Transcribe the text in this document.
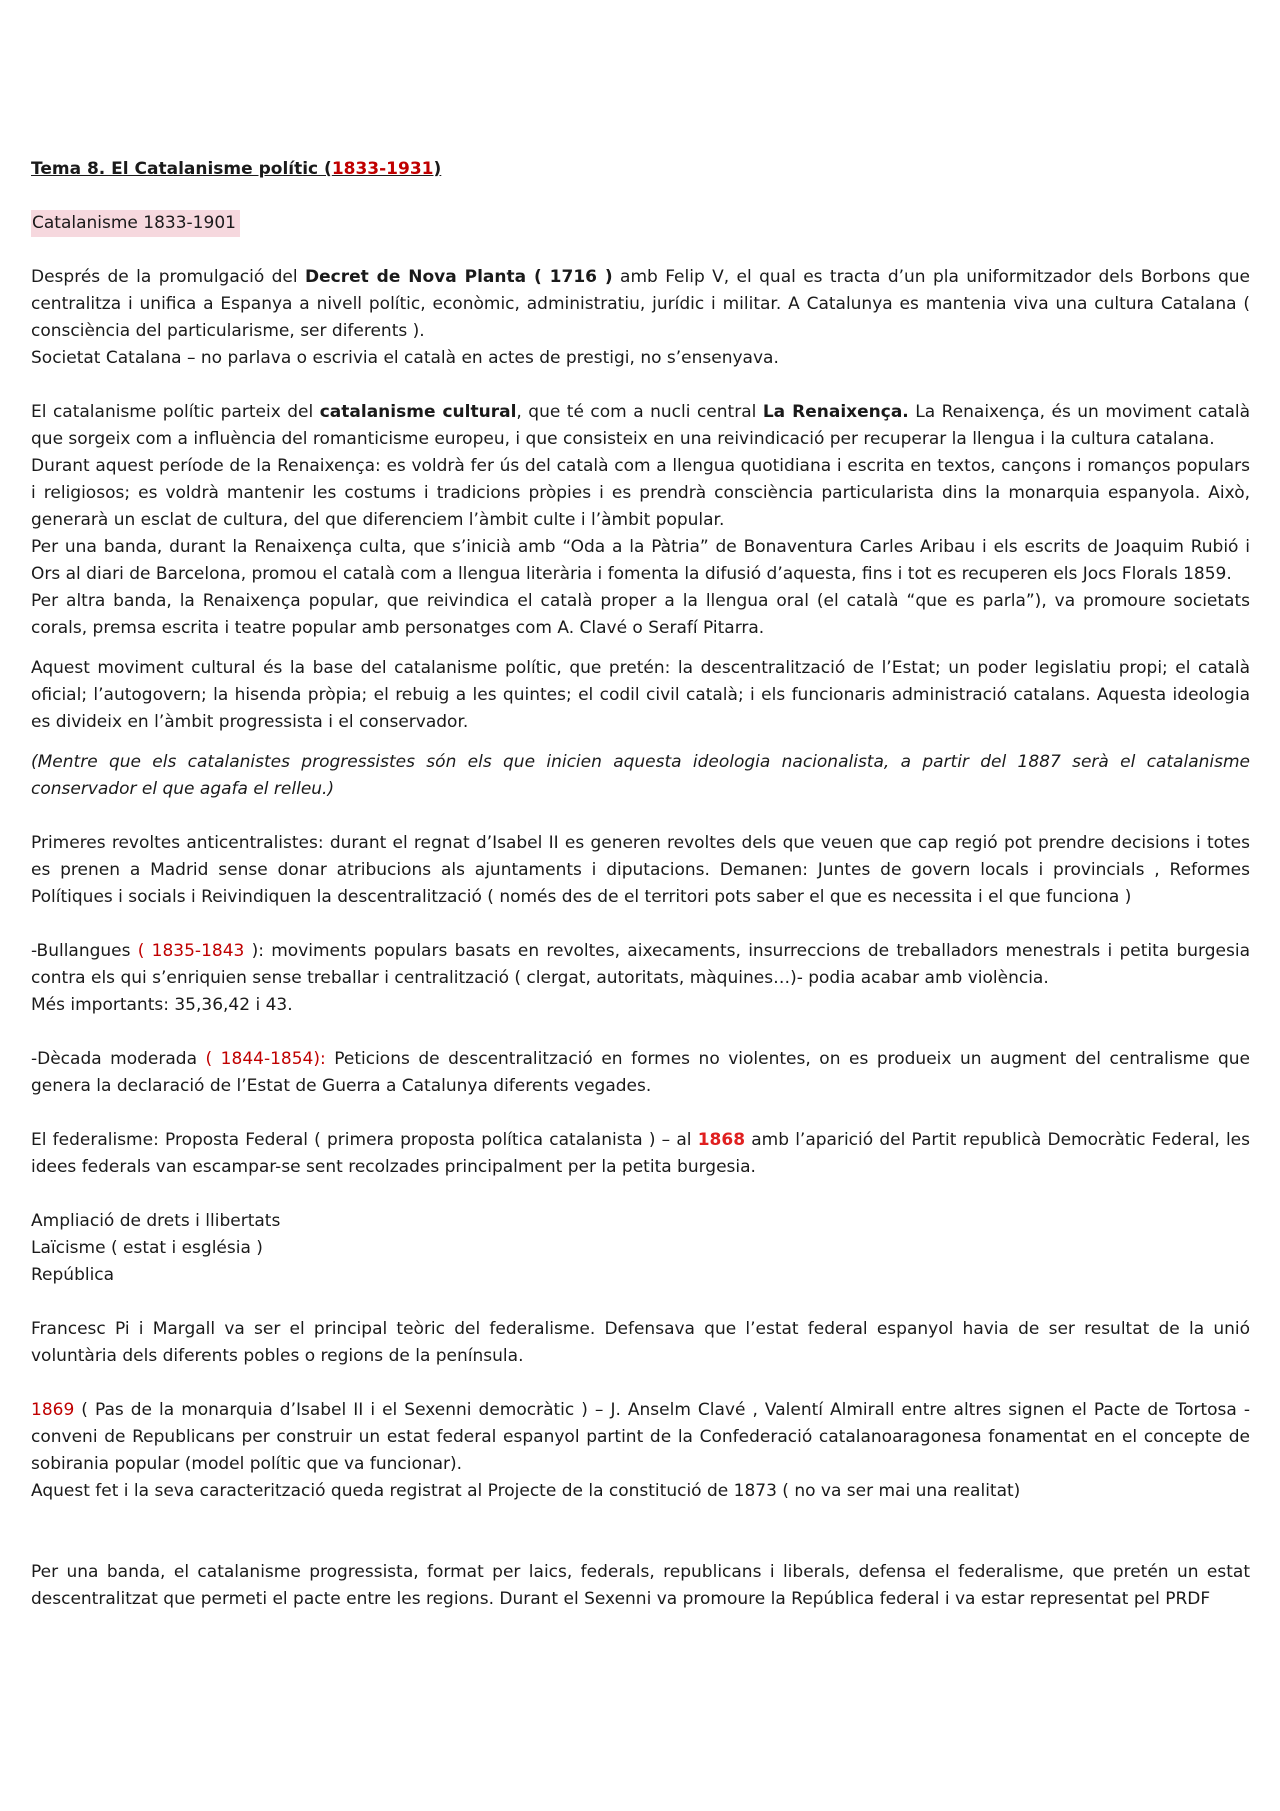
Tema 8. El Catalanisme polític (1833-1931)

Catalanisme 1833-1901

Després de la promulgació del Decret de Nova Planta ( 1716 ) amb Felip V, el qual es tracta d’un pla uniformitzador dels Borbons que centralitza i unifica a Espanya a nivell polític, econòmic, administratiu, jurídic i militar. A Catalunya es mantenia viva una cultura Catalana ( consciència del particularisme, ser diferents ).

Societat Catalana – no parlava o escrivia el català en actes de prestigi, no s’ensenyava.

El catalanisme polític parteix del catalanisme cultural, que té com a nucli central La Renaixença. La Renaixença, és un moviment català que sorgeix com a influència del romanticisme europeu, i que consisteix en una reivindicació per recuperar la llengua i la cultura catalana.

Durant aquest període de la Renaixença: es voldrà fer ús del català com a llengua quotidiana i escrita en textos, cançons i romanços populars i religiosos; es voldrà mantenir les costums i tradicions pròpies i es prendrà consciència particularista dins la monarquia espanyola. Això, generarà un esclat de cultura, del que diferenciem l’àmbit culte i l’àmbit popular.

Per una banda, durant la Renaixença culta, que s’inicià amb “Oda a la Pàtria” de Bonaventura Carles Aribau i els escrits de Joaquim Rubió i Ors al diari de Barcelona, promou el català com a llengua literària i fomenta la difusió d’aquesta, fins i tot es recuperen els Jocs Florals 1859.

Per altra banda, la Renaixença popular, que reivindica el català proper a la llengua oral (el català “que es parla”), va promoure societats corals, premsa escrita i teatre popular amb personatges com A. Clavé o Serafí Pitarra.

Aquest moviment cultural és la base del catalanisme polític, que pretén: la descentralització de l’Estat; un poder legislatiu propi; el català oficial; l’autogovern; la hisenda pròpia; el rebuig a les quintes; el codil civil català; i els funcionaris administració catalans. Aquesta ideologia es divideix en l’àmbit progressista i el conservador.

(Mentre que els catalanistes progressistes són els que inicien aquesta ideologia nacionalista, a partir del 1887 serà el catalanisme conservador el que agafa el relleu.)

Primeres revoltes anticentralistes: durant el regnat d’Isabel II es generen revoltes dels que veuen que cap regió pot prendre decisions i totes es prenen a Madrid sense donar atribucions als ajuntaments i diputacions. Demanen: Juntes de govern locals i provincials , Reformes Polítiques i socials i Reivindiquen la descentralització ( només des de el territori pots saber el que es necessita i el que funciona )

-Bullangues ( 1835-1843 ): moviments populars basats en revoltes, aixecaments, insurreccions de treballadors menestrals i petita burgesia contra els qui s’enriquien sense treballar i centralització ( clergat, autoritats, màquines…)- podia acabar amb violència.

Més importants: 35,36,42 i 43.

-Dècada moderada ( 1844-1854): Peticions de descentralització en formes no violentes, on es produeix un augment del centralisme que genera la declaració de l’Estat de Guerra a Catalunya diferents vegades.

El federalisme: Proposta Federal ( primera proposta política catalanista ) – al 1868 amb l’aparició del Partit republicà Democràtic Federal, les idees federals van escampar-se sent recolzades principalment per la petita burgesia.

Ampliació de drets i llibertats

Laïcisme ( estat i església )

República

Francesc Pi i Margall va ser el principal teòric del federalisme. Defensava que l’estat federal espanyol havia de ser resultat de la unió voluntària dels diferents pobles o regions de la península.

1869 ( Pas de la monarquia d’Isabel II i el Sexenni democràtic ) – J. Anselm Clavé , Valentí Almirall entre altres signen el Pacte de Tortosa - conveni de Republicans per construir un estat federal espanyol partint de la Confederació catalanoaragonesa fonamentat en el concepte de sobirania popular (model polític que va funcionar).

Aquest fet i la seva caracterització queda registrat al Projecte de la constitució de 1873 ( no va ser mai una realitat)

Per una banda, el catalanisme progressista, format per laics, federals, republicans i liberals, defensa el federalisme, que pretén un estat descentralitzat que permeti el pacte entre les regions. Durant el Sexenni va promoure la República federal i va estar representat pel PRDF
